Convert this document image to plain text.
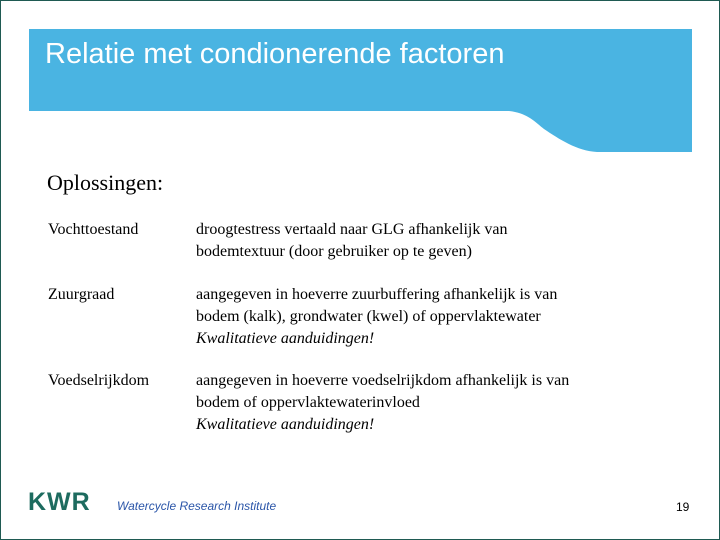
Relatie met condionerende factoren
Oplossingen:
Vochttoestand	droogtestress vertaald naar GLG afhankelijk van
bodemtextuur (door gebruiker op te geven)
Zuurgraad	aangegeven in hoeverre zuurbuffering afhankelijk is van
bodem (kalk), grondwater (kwel) of oppervlaktewater
Kwalitatieve aanduidingen!
Voedselrijkdom	aangegeven in hoeverre voedselrijkdom afhankelijk is van
bodem of oppervlaktewaterinvloed
Kwalitatieve aanduidingen!
KWR Watercycle Research Institute	19
